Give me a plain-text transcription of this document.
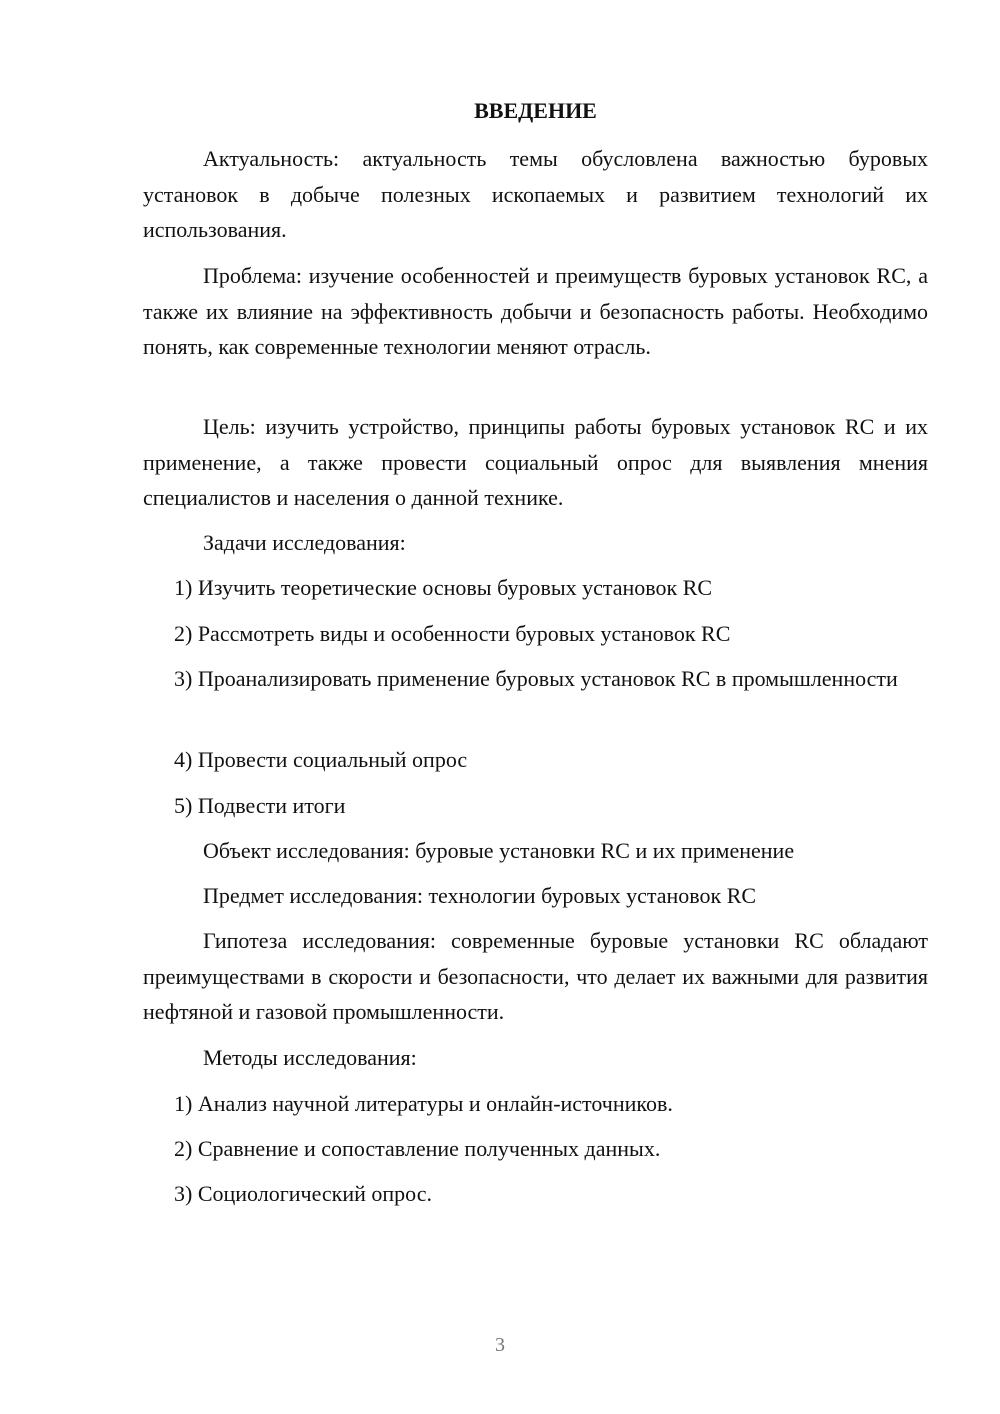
ВВЕДЕНИЕ

Актуальность: актуальность темы обусловлена важностью буровых установок в добыче полезных ископаемых и развитием технологий их использования.

Проблема: изучение особенностей и преимуществ буровых установок RC, а также их влияние на эффективность добычи и безопасность работы. Необходимо понять, как современные технологии меняют отрасль.

Цель: изучить устройство, принципы работы буровых установок RC и их применение, а также провести социальный опрос для выявления мнения специалистов и населения о данной технике.

Задачи исследования:

1) Изучить теоретические основы буровых установок RC

2) Рассмотреть виды и особенности буровых установок RC

3) Проанализировать применение буровых установок RC в промышленности

4) Провести социальный опрос

5) Подвести итоги

Объект исследования: буровые установки RC и их применение

Предмет исследования: технологии буровых установок RC

Гипотеза исследования: современные буровые установки RC обладают преимуществами в скорости и безопасности, что делает их важными для развития нефтяной и газовой промышленности.

Методы исследования:

1) Анализ научной литературы и онлайн-источников.

2) Сравнение и сопоставление полученных данных.

3) Социологический опрос.

3
